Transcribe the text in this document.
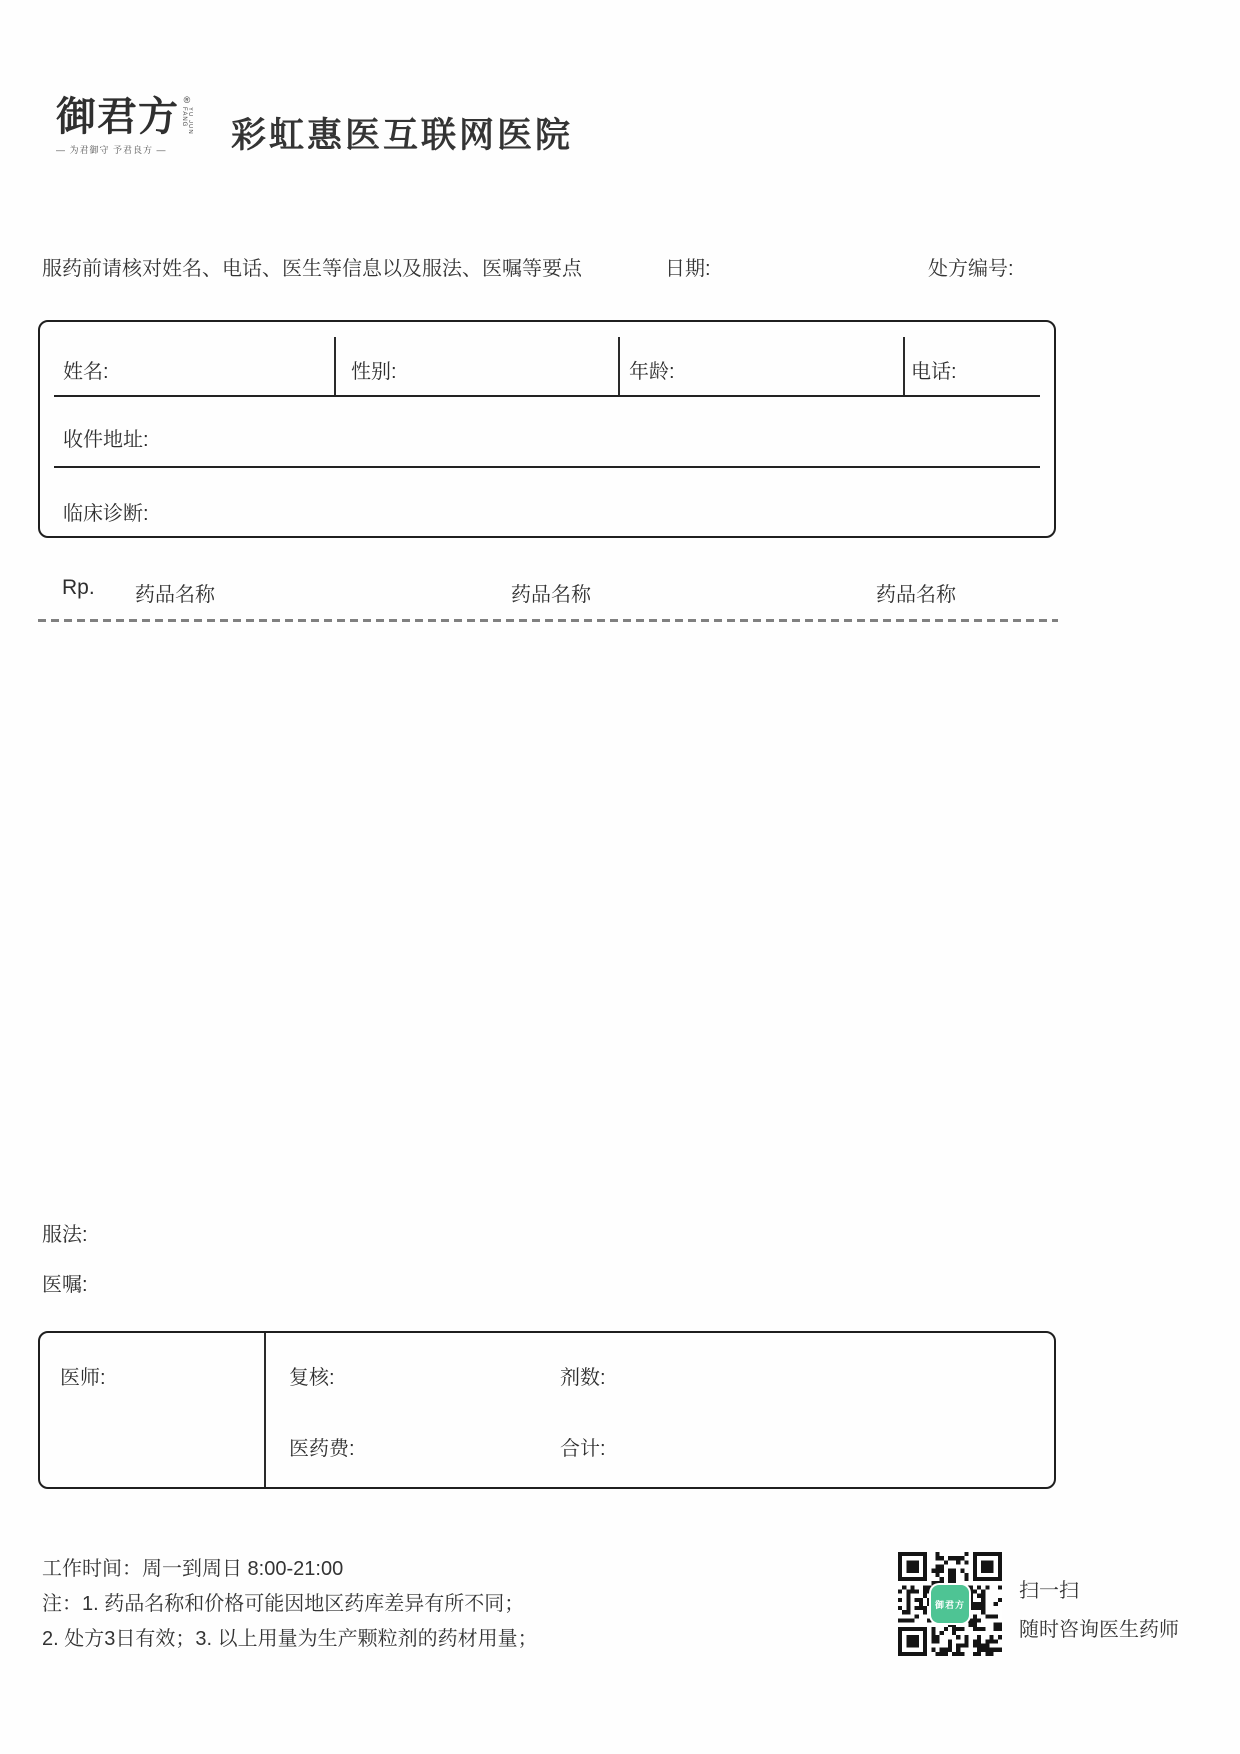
御君方 ®
YU JUN FANG
— 为君御守 予君良方 —	彩虹惠医互联网医院
服药前请核对姓名、电话、医生等信息以及服法、医嘱等要点	日期:	处方编号:
姓名:	性别:	年龄:	电话:
收件地址:
临床诊断:
Rp. 药品名称	药品名称	药品名称
服法:
医嘱:
医师:	复核:	剂数:
医药费:	合计:
工作时间：周一到周日 8:00-21:00
注：1. 药品名称和价格可能因地区药库差异有所不同；
2. 处方3日有效；3. 以上用量为生产颗粒剂的药材用量；
御君方
扫一扫
随时咨询医生药师
